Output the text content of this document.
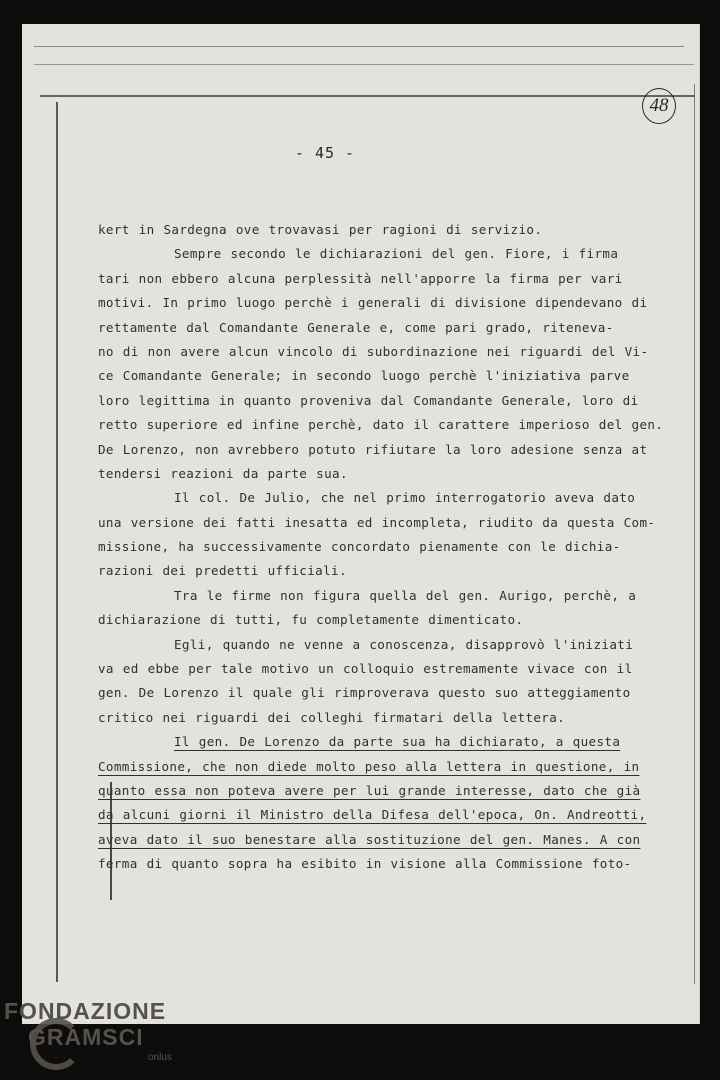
48
- 45 -
kert in Sardegna ove trovavasi per ragioni di servizio.
Sempre secondo le dichiarazioni del gen. Fiore, i firma
tari non ebbero alcuna perplessità nell'apporre la firma per vari
motivi. In primo luogo perchè i generali di divisione dipendevano di
rettamente dal Comandante Generale e, come pari grado, riteneva-
no di non avere alcun vincolo di subordinazione nei riguardi del Vi-
ce Comandante Generale; in secondo luogo perchè l'iniziativa parve
loro legittima in quanto proveniva dal Comandante Generale, loro di
retto superiore ed infine perchè, dato il carattere imperioso del gen.
De Lorenzo, non avrebbero potuto rifiutare la loro adesione senza at
tendersi reazioni da parte sua.
Il col. De Julio, che nel primo interrogatorio aveva dato
una versione dei fatti inesatta ed incompleta, riudito da questa Com-
missione, ha successivamente concordato pienamente con le dichia-
razioni dei predetti ufficiali.
Tra le firme non figura quella del gen. Aurigo, perchè, a
dichiarazione di tutti, fu completamente dimenticato.
Egli, quando ne venne a conoscenza, disapprovò l'iniziati
va ed ebbe per tale motivo un colloquio estremamente vivace con il
gen. De Lorenzo il quale gli rimproverava questo suo atteggiamento
critico nei riguardi dei colleghi firmatari della lettera.
Il gen. De Lorenzo da parte sua ha dichiarato, a questa
Commissione, che non diede molto peso alla lettera in questione, in
quanto essa non poteva avere per lui grande interesse, dato che già
da alcuni giorni il Ministro della Difesa dell'epoca, On. Andreotti,
aveva dato il suo benestare alla sostituzione del gen. Manes. A con
ferma di quanto sopra ha esibito in visione alla Commissione foto-
FONDAZIONE
GRAMSCI
onlus
